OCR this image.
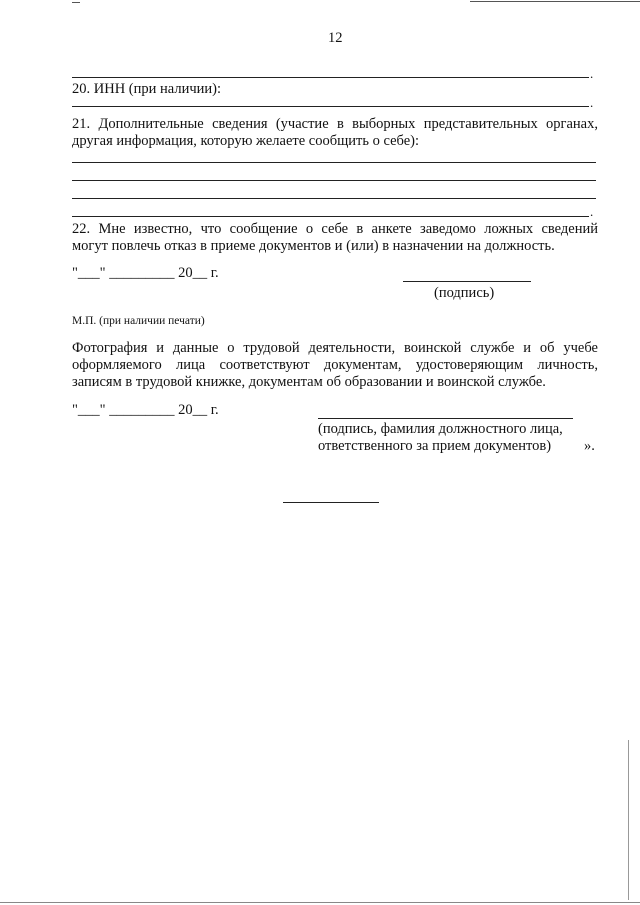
12
.
20. ИНН (при наличии):
.
21. Дополнительные сведения (участие в выборных представительных органах,
другая информация, которую желаете сообщить о себе):
.
22. Мне известно, что сообщение о себе в анкете заведомо ложных сведений
могут повлечь отказ в приеме документов и (или) в назначении на должность.
"___" _________ 20__ г.
(подпись)
М.П. (при наличии печати)
Фотография и данные о трудовой деятельности, воинской службе и об учебе
оформляемого лица соответствуют документам, удостоверяющим личность,
записям в трудовой книжке, документам об образовании и воинской службе.
"___" _________ 20__ г.
(подпись, фамилия должностного лица,
ответственного за прием документов) ».
